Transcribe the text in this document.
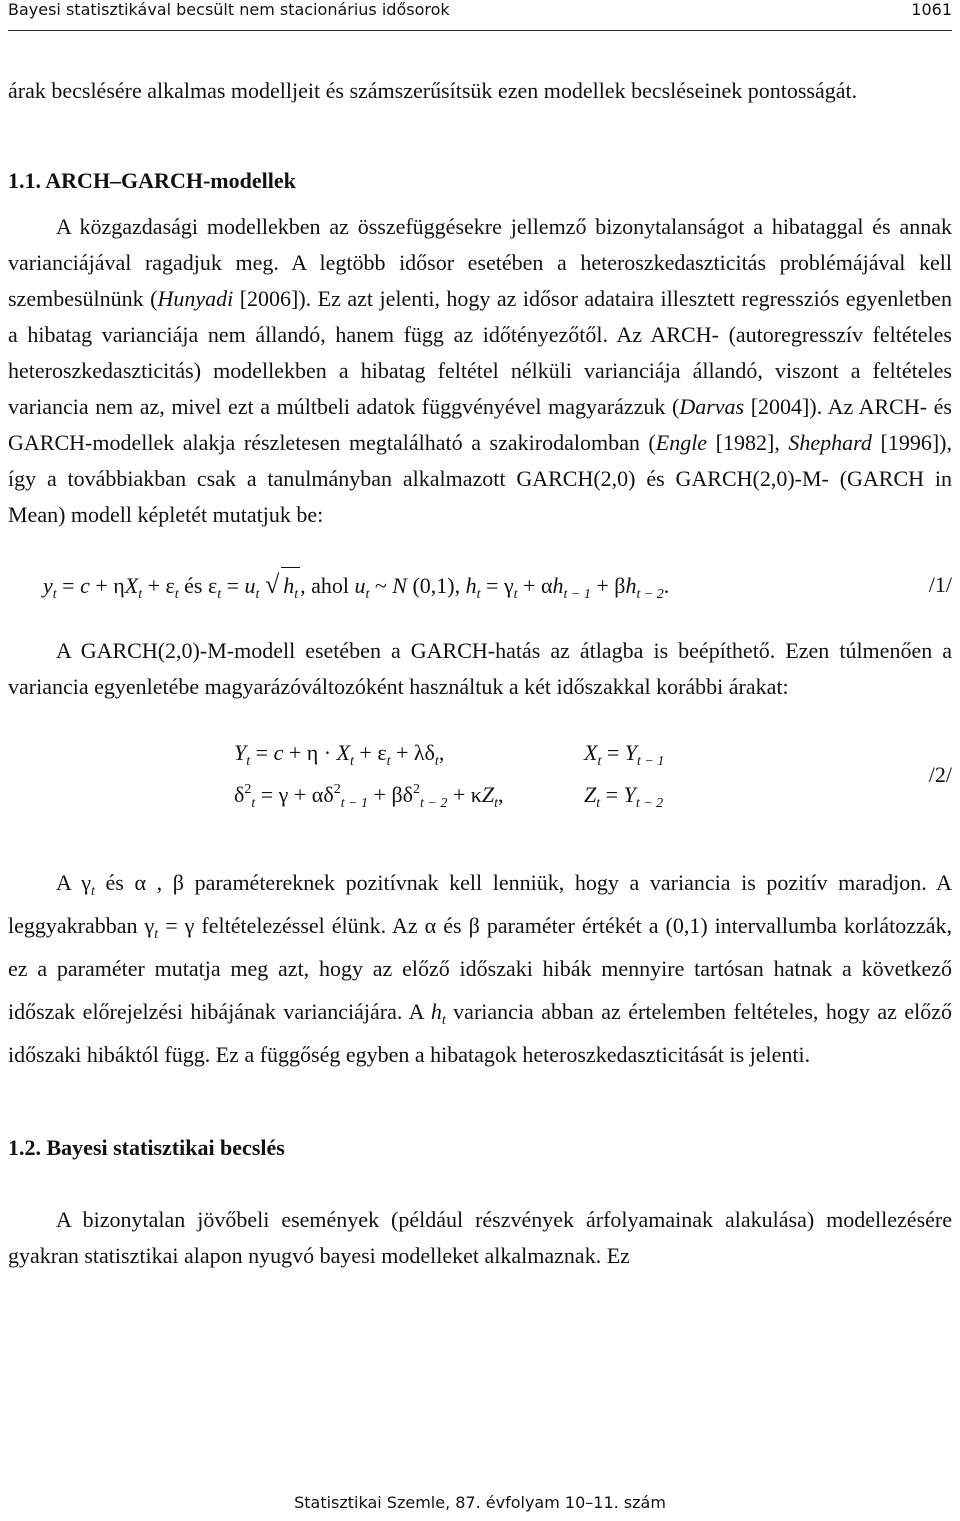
Bayesi statisztikával becsült nem stacionárius idősorok	1061

árak becslésére alkalmas modelljeit és számszerűsítsük ezen modellek becsléseinek pontosságát.

1.1. ARCH–GARCH-modellek

A közgazdasági modellekben az összefüggésekre jellemző bizonytalanságot a hibataggal és annak varianciájával ragadjuk meg. A legtöbb idősor esetében a heteroszkedaszticitás problémájával kell szembesülnünk (Hunyadi [2006]). Ez azt jelenti, hogy az idősor adataira illesztett regressziós egyenletben a hibatag varianciája nem állandó, hanem függ az időtényezőtől. Az ARCH- (autoregresszív feltételes heteroszkedaszticitás) modellekben a hibatag feltétel nélküli varianciája állandó, viszont a feltételes variancia nem az, mivel ezt a múltbeli adatok függvényével magyarázzuk (Darvas [2004]). Az ARCH- és GARCH-modellek alakja részletesen megtalálható a szakirodalomban (Engle [1982], Shephard [1996]), így a továbbiakban csak a tanulmányban alkalmazott GARCH(2,0) és GARCH(2,0)-M- (GARCH in Mean) modell képletét mutatjuk be:

$y_t = c + \eta X_t + \varepsilon_t$ és $\varepsilon_t = u_t$ √ $h_t$, ahol $u_t$ ~ N (0,1), $h_t = \gamma_t + \alpha h_{t - 1} + \beta h_{t - 2}$.	/1/

A GARCH(2,0)-M-modell esetében a GARCH-hatás az átlagba is beépíthető. Ezen túlmenően a variancia egyenletébe magyarázóváltozóként használtuk a két időszakkal korábbi árakat:

$Y_t = c + \eta \cdot X_t + \varepsilon_t + \lambda\delta_t$,	$X_t = Y_{t - 1}$
$\delta^2_t = \gamma + \alpha\delta^2_{t - 1} + \beta\delta^2_{t - 2} + \kappa Z_t$,	$Z_t = Y_{t - 2}$
/2/

A $\gamma_t$ és α , β paramétereknek pozitívnak kell lenniük, hogy a variancia is pozitív maradjon. A leggyakrabban $\gamma_t = \gamma$ feltételezéssel élünk. Az α és β paraméter értékét a (0,1) intervallumba korlátozzák, ez a paraméter mutatja meg azt, hogy az előző időszaki hibák mennyire tartósan hatnak a következő időszak előrejelzési hibájának varianciájára. A $h_t$ variancia abban az értelemben feltételes, hogy az előző időszaki hibáktól függ. Ez a függőség egyben a hibatagok heteroszkedaszticitását is jelenti.

1.2. Bayesi statisztikai becslés

A bizonytalan jövőbeli események (például részvények árfolyamainak alakulása) modellezésére gyakran statisztikai alapon nyugvó bayesi modelleket alkalmaznak. Ez

Statisztikai Szemle, 87. évfolyam 10–11. szám
